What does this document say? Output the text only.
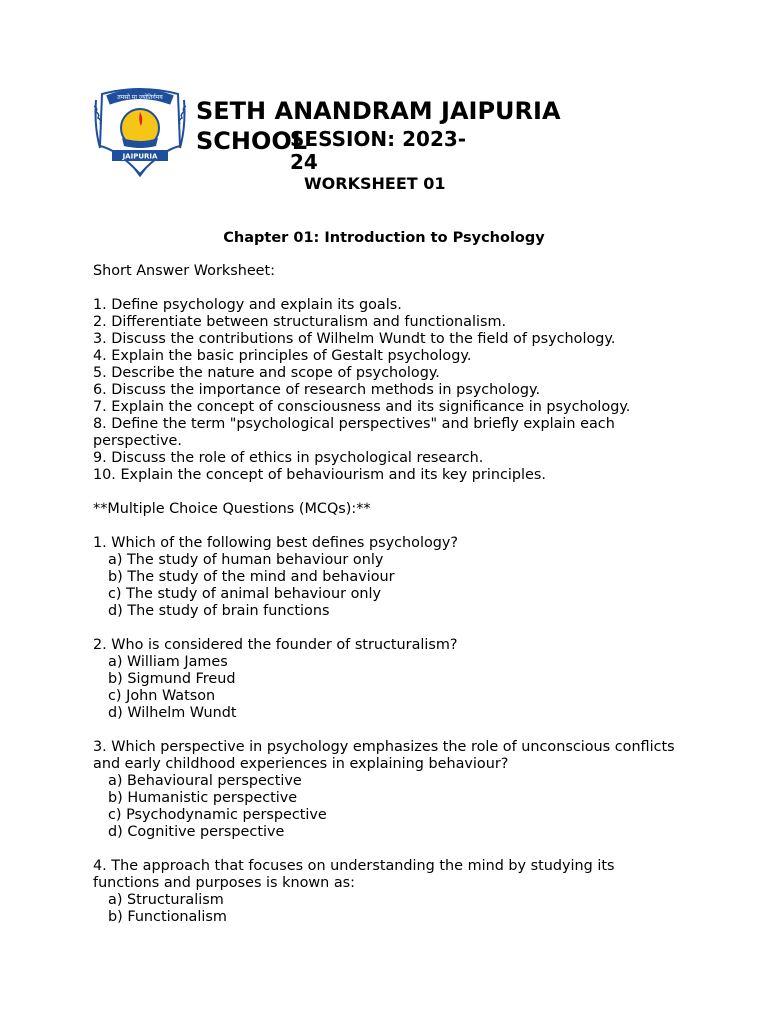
तमसो मा ज्योतिर्गमय
JAIPURIA
SETH ANANDRAM JAIPURIA SCHOOL
SESSION: 2023-24
WORKSHEET 01
Chapter 01: Introduction to Psychology
Short Answer Worksheet:
1. Define psychology and explain its goals.
2. Differentiate between structuralism and functionalism.
3. Discuss the contributions of Wilhelm Wundt to the field of psychology.
4. Explain the basic principles of Gestalt psychology.
5. Describe the nature and scope of psychology.
6. Discuss the importance of research methods in psychology.
7. Explain the concept of consciousness and its significance in psychology.
8. Define the term "psychological perspectives" and briefly explain each perspective.
9. Discuss the role of ethics in psychological research.
10. Explain the concept of behaviourism and its key principles.
**Multiple Choice Questions (MCQs):**
1. Which of the following best defines psychology?
a) The study of human behaviour only
b) The study of the mind and behaviour
c) The study of animal behaviour only
d) The study of brain functions
2. Who is considered the founder of structuralism?
a) William James
b) Sigmund Freud
c) John Watson
d) Wilhelm Wundt
3. Which perspective in psychology emphasizes the role of unconscious conflicts and early childhood experiences in explaining behaviour?
a) Behavioural perspective
b) Humanistic perspective
c) Psychodynamic perspective
d) Cognitive perspective
4. The approach that focuses on understanding the mind by studying its functions and purposes is known as:
a) Structuralism
b) Functionalism
